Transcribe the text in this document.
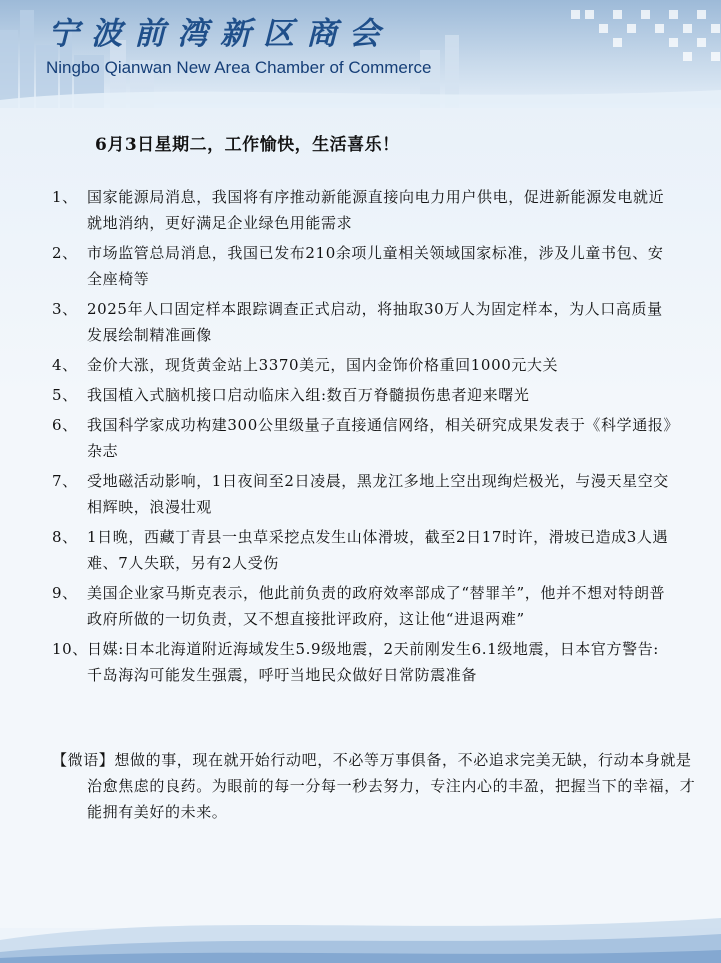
宁波前湾新区商会
Ningbo Qianwan New Area Chamber of Commerce
6月3日星期二，工作愉快，生活喜乐！
1、 国家能源局消息，我国将有序推动新能源直接向电力用户供电，促进新能源发电就近就地消纳，更好满足企业绿色用能需求
2、 市场监管总局消息，我国已发布210余项儿童相关领域国家标准，涉及儿童书包、安全座椅等
3、 2025年人口固定样本跟踪调查正式启动，将抽取30万人为固定样本，为人口高质量发展绘制精准画像
4、 金价大涨，现货黄金站上3370美元，国内金饰价格重回1000元大关
5、 我国植入式脑机接口启动临床入组:数百万脊髓损伤患者迎来曙光
6、 我国科学家成功构建300公里级量子直接通信网络，相关研究成果发表于《科学通报》杂志
7、 受地磁活动影响，1日夜间至2日凌晨，黑龙江多地上空出现绚烂极光，与漫天星空交相辉映，浪漫壮观
8、 1日晚，西藏丁青县一虫草采挖点发生山体滑坡，截至2日17时许，滑坡已造成3人遇难、7人失联，另有2人受伤
9、 美国企业家马斯克表示，他此前负责的政府效率部成了“替罪羊”，他并不想对特朗普政府所做的一切负责，又不想直接批评政府，这让他“进退两难”
10、日媒:日本北海道附近海域发生5.9级地震，2天前刚发生6.1级地震，日本官方警告:千岛海沟可能发生强震，呼吁当地民众做好日常防震准备
【微语】想做的事，现在就开始行动吧，不必等万事俱备，不必追求完美无缺，行动本身就是治愈焦虑的良药。为眼前的每一分每一秒去努力，专注内心的丰盈，把握当下的幸福，才能拥有美好的未来。
